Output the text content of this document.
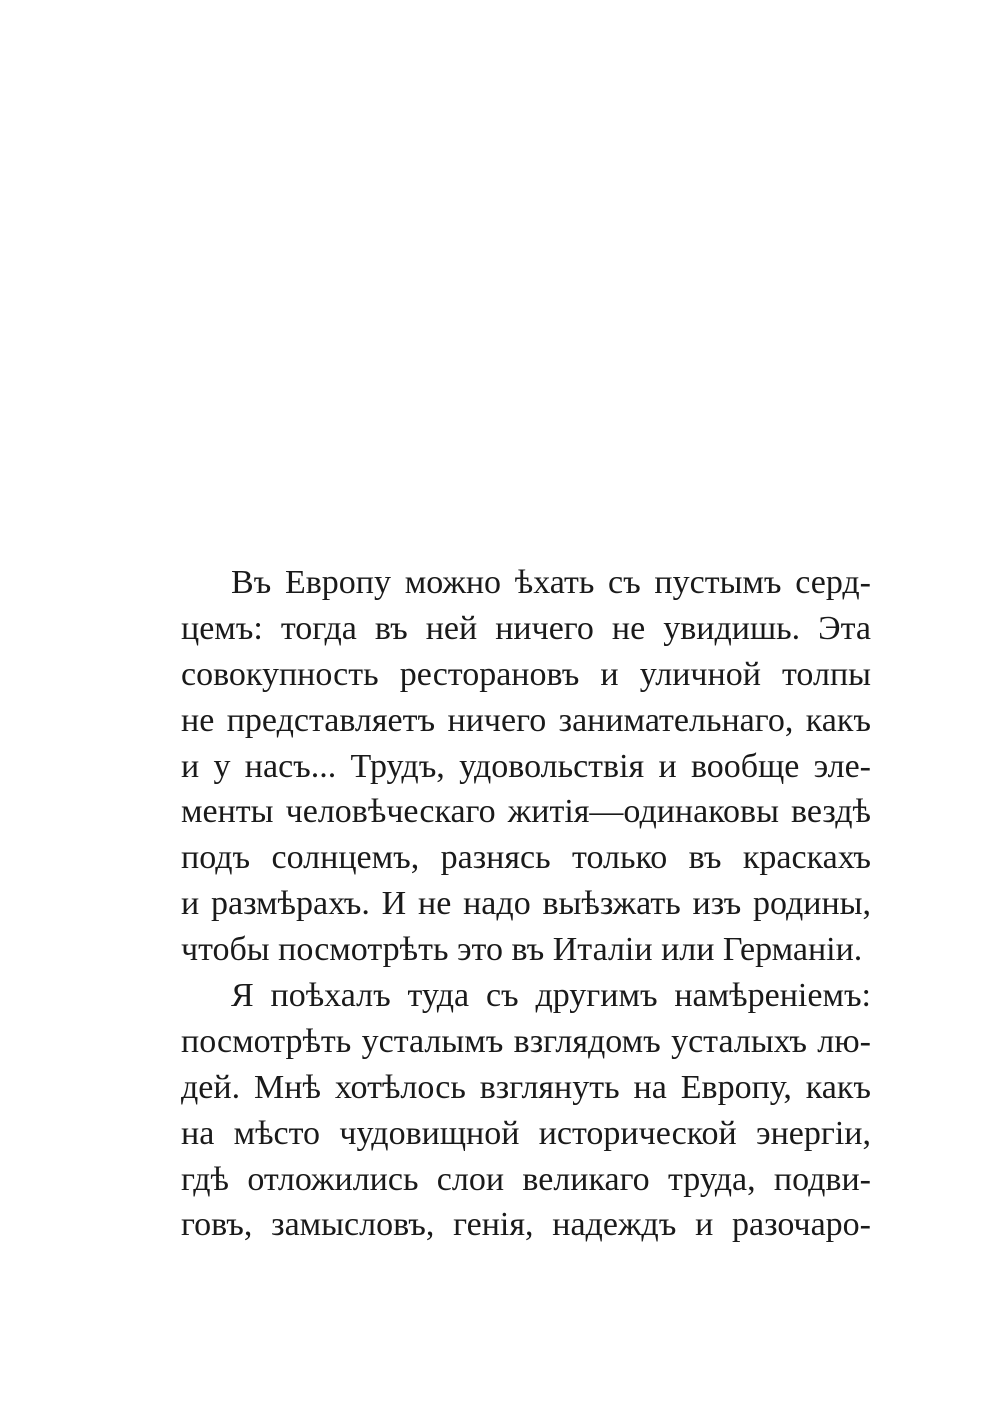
Въ Европу можно ѣхать съ пустымъ серд-
цемъ: тогда въ ней ничего не увидишь. Эта
совокупность ресторановъ и уличной толпы
не представляетъ ничего занимательнаго, какъ
и у насъ... Трудъ, удовольствія и вообще эле-
менты человѣческаго житія—одинаковы вездѣ
подъ солнцемъ, разнясь только въ краскахъ
и размѣрахъ. И не надо выѣзжать изъ родины,
чтобы посмотрѣть это въ Италіи или Германіи.
Я поѣхалъ туда съ другимъ намѣреніемъ:
посмотрѣть усталымъ взглядомъ усталыхъ лю-
дей. Мнѣ хотѣлось взглянуть на Европу, какъ
на мѣсто чудовищной исторической энергіи,
гдѣ отложились слои великаго труда, подви-
говъ, замысловъ, генія, надеждъ и разочаро-
